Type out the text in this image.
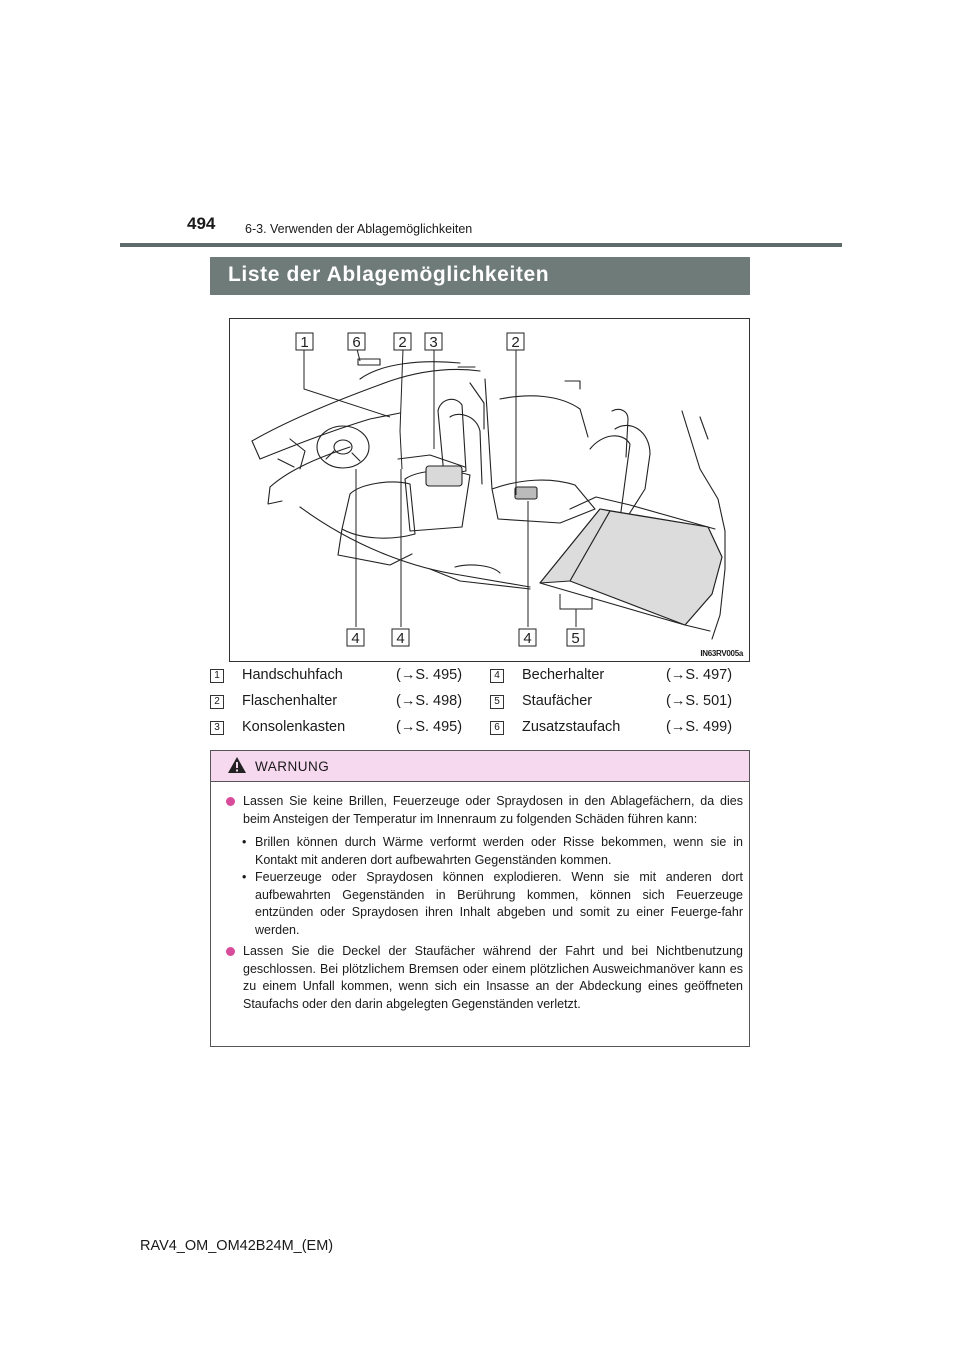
494 6-3. Verwenden der Ablagemöglichkeiten
Liste der Ablagemöglichkeiten
1	6	2 3	2
4 4	4	5
IN63RV005a
1 Handschuhfach	(→S. 495)
2 Flaschenhalter	(→S. 498)
3 Konsolenkasten	(→S. 495)
4 Becherhalter	(→S. 497)
5 Staufächer	(→S. 501)
6 Zusatzstaufach	(→S. 499)
WARNUNG
Lassen Sie keine Brillen, Feuerzeuge oder Spraydosen in den Ablagefächern, da dies beim Ansteigen der Temperatur im Innenraum zu folgenden Schäden führen kann:
• Brillen können durch Wärme verformt werden oder Risse bekommen, wenn sie in Kontakt mit anderen dort aufbewahrten Gegenständen kommen.
• Feuerzeuge oder Spraydosen können explodieren. Wenn sie mit anderen dort aufbewahrten Gegenständen in Berührung kommen, können sich Feuerzeuge entzünden oder Spraydosen ihren Inhalt abgeben und somit zu einer Feuerge-fahr werden.
Lassen Sie die Deckel der Staufächer während der Fahrt und bei Nichtbenutzung geschlossen. Bei plötzlichem Bremsen oder einem plötzlichen Ausweichmanöver kann es zu einem Unfall kommen, wenn sich ein Insasse an der Abdeckung eines geöffneten Staufachs oder den darin abgelegten Gegenständen verletzt.
RAV4_OM_OM42B24M_(EM)
